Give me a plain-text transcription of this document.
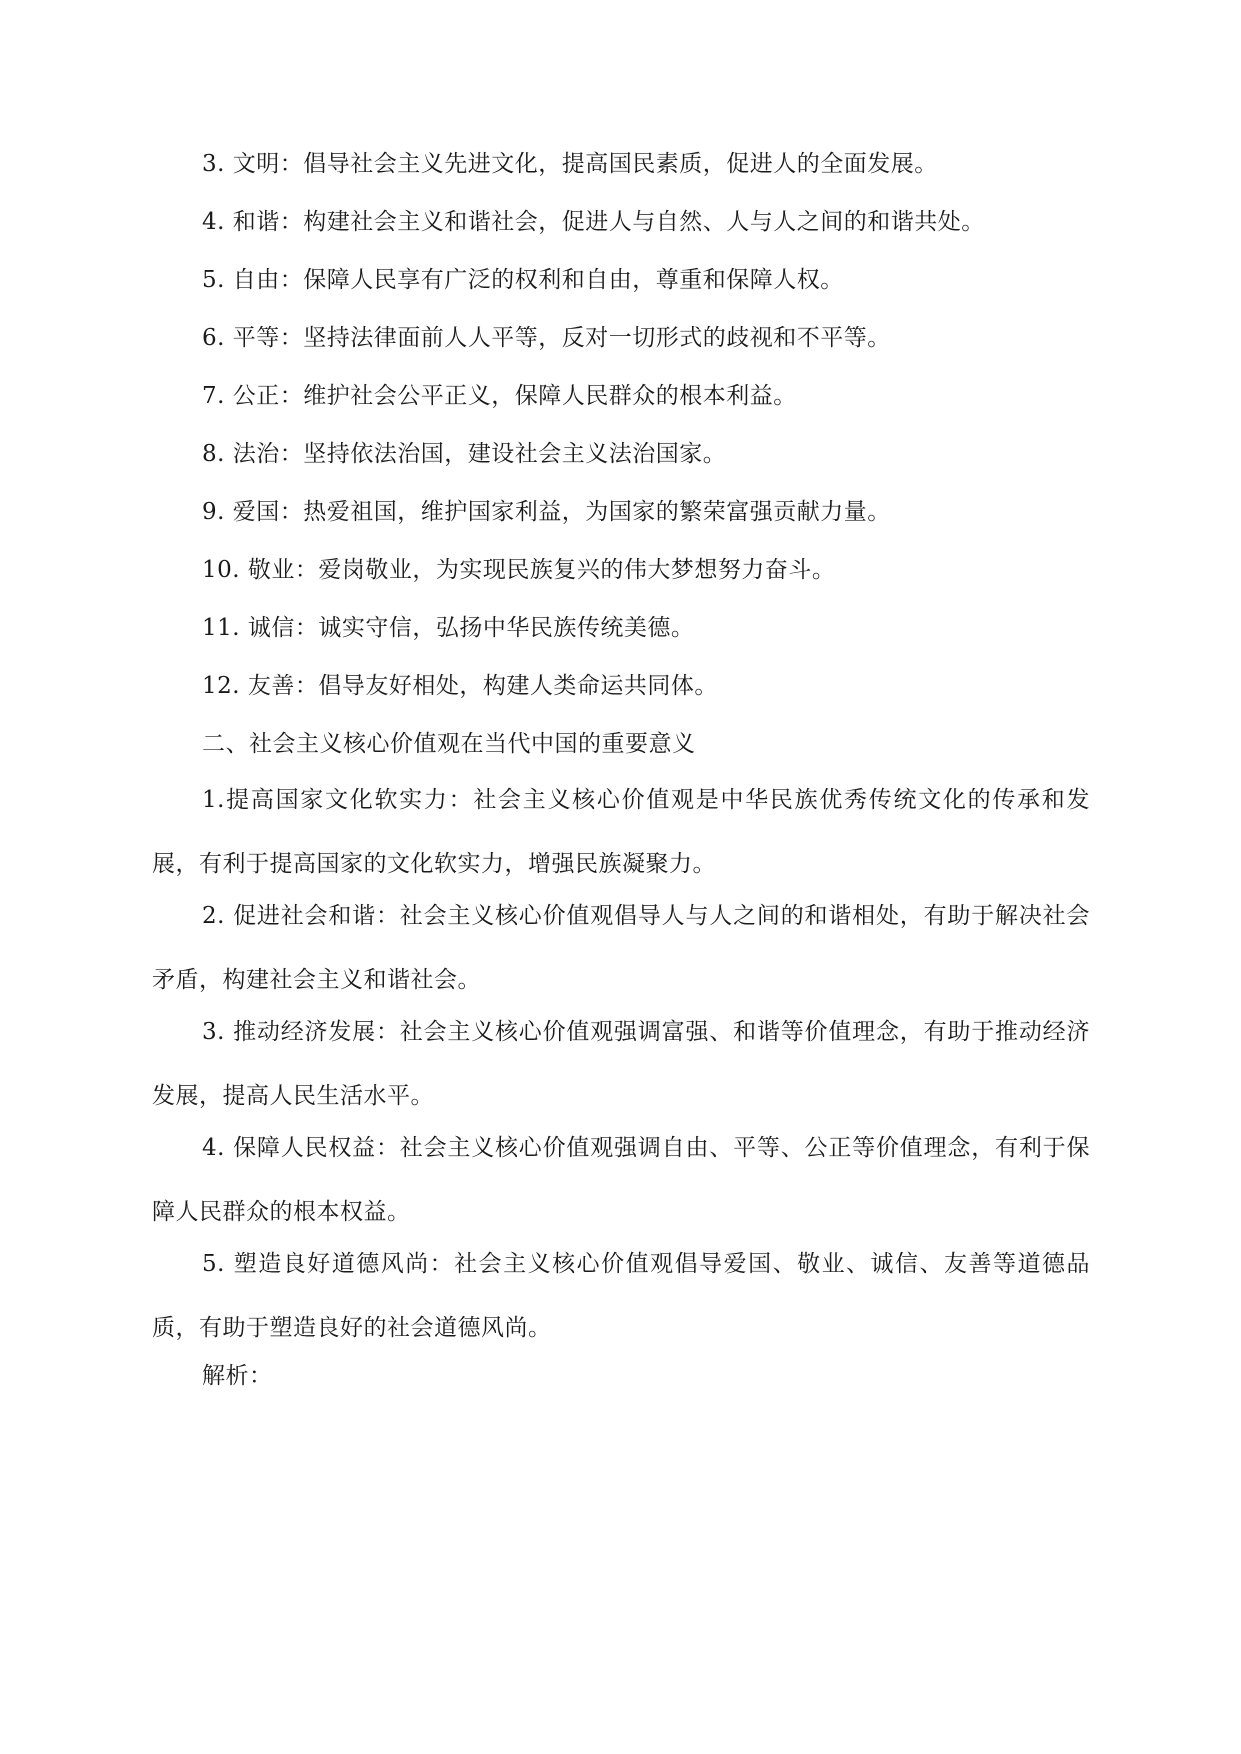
3. 文明：倡导社会主义先进文化，提高国民素质，促进人的全面发展。
4. 和谐：构建社会主义和谐社会，促进人与自然、人与人之间的和谐共处。
5. 自由：保障人民享有广泛的权利和自由，尊重和保障人权。
6. 平等：坚持法律面前人人平等，反对一切形式的歧视和不平等。
7. 公正：维护社会公平正义，保障人民群众的根本利益。
8. 法治：坚持依法治国，建设社会主义法治国家。
9. 爱国：热爱祖国，维护国家利益，为国家的繁荣富强贡献力量。
10. 敬业：爱岗敬业，为实现民族复兴的伟大梦想努力奋斗。
11. 诚信：诚实守信，弘扬中华民族传统美德。
12. 友善：倡导友好相处，构建人类命运共同体。
二、社会主义核心价值观在当代中国的重要意义
1.提高国家文化软实力：社会主义核心价值观是中华民族优秀传统文化的传承和发展，有利于提高国家的文化软实力，增强民族凝聚力。
2. 促进社会和谐：社会主义核心价值观倡导人与人之间的和谐相处，有助于解决社会矛盾，构建社会主义和谐社会。
3. 推动经济发展：社会主义核心价值观强调富强、和谐等价值理念，有助于推动经济发展，提高人民生活水平。
4. 保障人民权益：社会主义核心价值观强调自由、平等、公正等价值理念，有利于保障人民群众的根本权益。
5. 塑造良好道德风尚：社会主义核心价值观倡导爱国、敬业、诚信、友善等道德品质，有助于塑造良好的社会道德风尚。
解析：
